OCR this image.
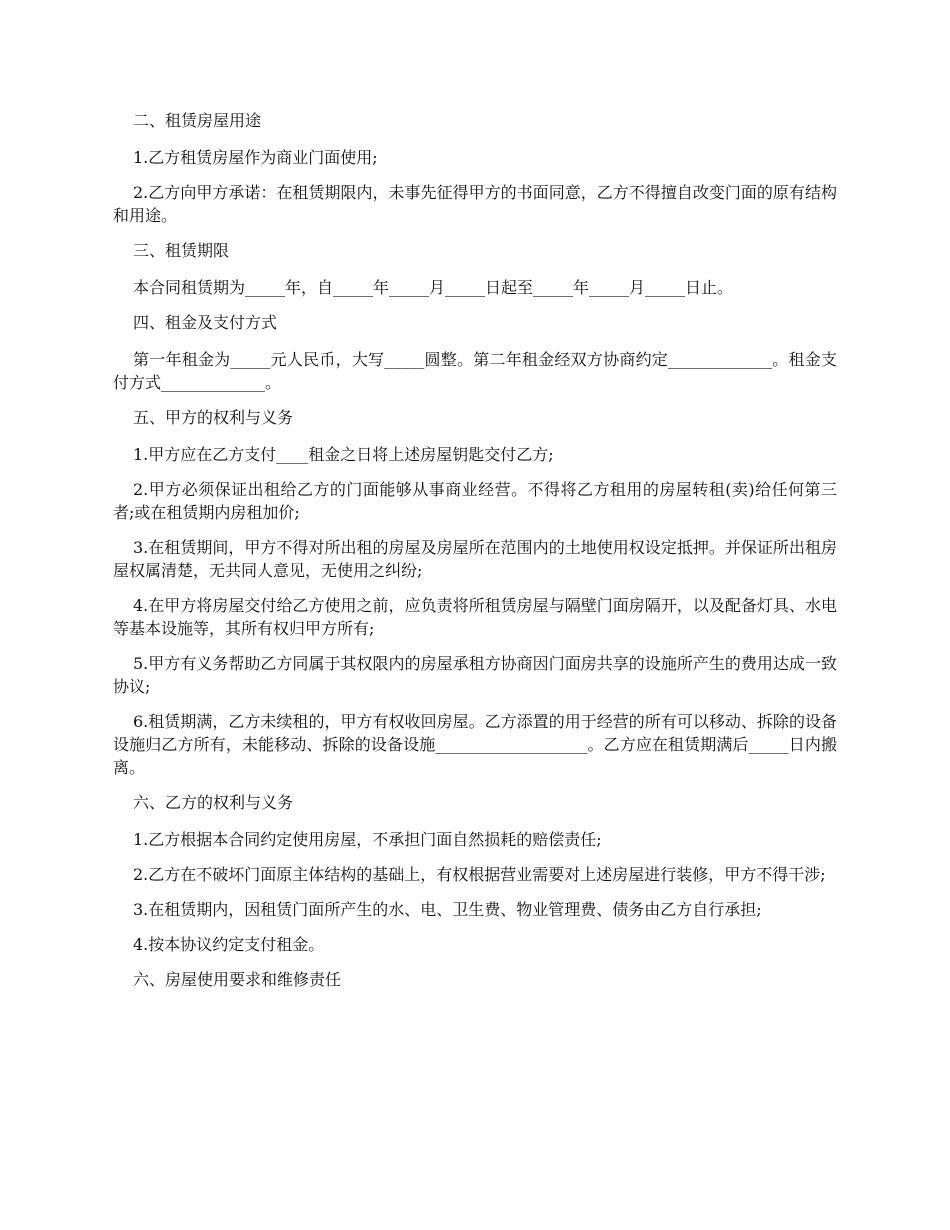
二、租赁房屋用途

1.乙方租赁房屋作为商业门面使用;

2.乙方向甲方承诺：在租赁期限内，未事先征得甲方的书面同意，乙方不得擅自改变门面的原有结构和用途。

三、租赁期限

本合同租赁期为_____年，自_____年_____月_____日起至_____年_____月_____日止。

四、租金及支付方式

第一年租金为_____元人民币，大写_____圆整。第二年租金经双方协商约定_____________。租金支付方式_____________。

五、甲方的权利与义务

1.甲方应在乙方支付____租金之日将上述房屋钥匙交付乙方;

2.甲方必须保证出租给乙方的门面能够从事商业经营。不得将乙方租用的房屋转租(卖)给任何第三者;或在租赁期内房租加价;

3.在租赁期间，甲方不得对所出租的房屋及房屋所在范围内的土地使用权设定抵押。并保证所出租房屋权属清楚，无共同人意见，无使用之纠纷;

4.在甲方将房屋交付给乙方使用之前，应负责将所租赁房屋与隔壁门面房隔开，以及配备灯具、水电等基本设施等，其所有权归甲方所有;

5.甲方有义务帮助乙方同属于其权限内的房屋承租方协商因门面房共享的设施所产生的费用达成一致协议;

6.租赁期满，乙方未续租的，甲方有权收回房屋。乙方添置的用于经营的所有可以移动、拆除的设备设施归乙方所有，未能移动、拆除的设备设施___________________。乙方应在租赁期满后_____日内搬离。

六、乙方的权利与义务

1.乙方根据本合同约定使用房屋，不承担门面自然损耗的赔偿责任;

2.乙方在不破坏门面原主体结构的基础上，有权根据营业需要对上述房屋进行装修，甲方不得干涉;

3.在租赁期内，因租赁门面所产生的水、电、卫生费、物业管理费、债务由乙方自行承担;

4.按本协议约定支付租金。

六、房屋使用要求和维修责任
